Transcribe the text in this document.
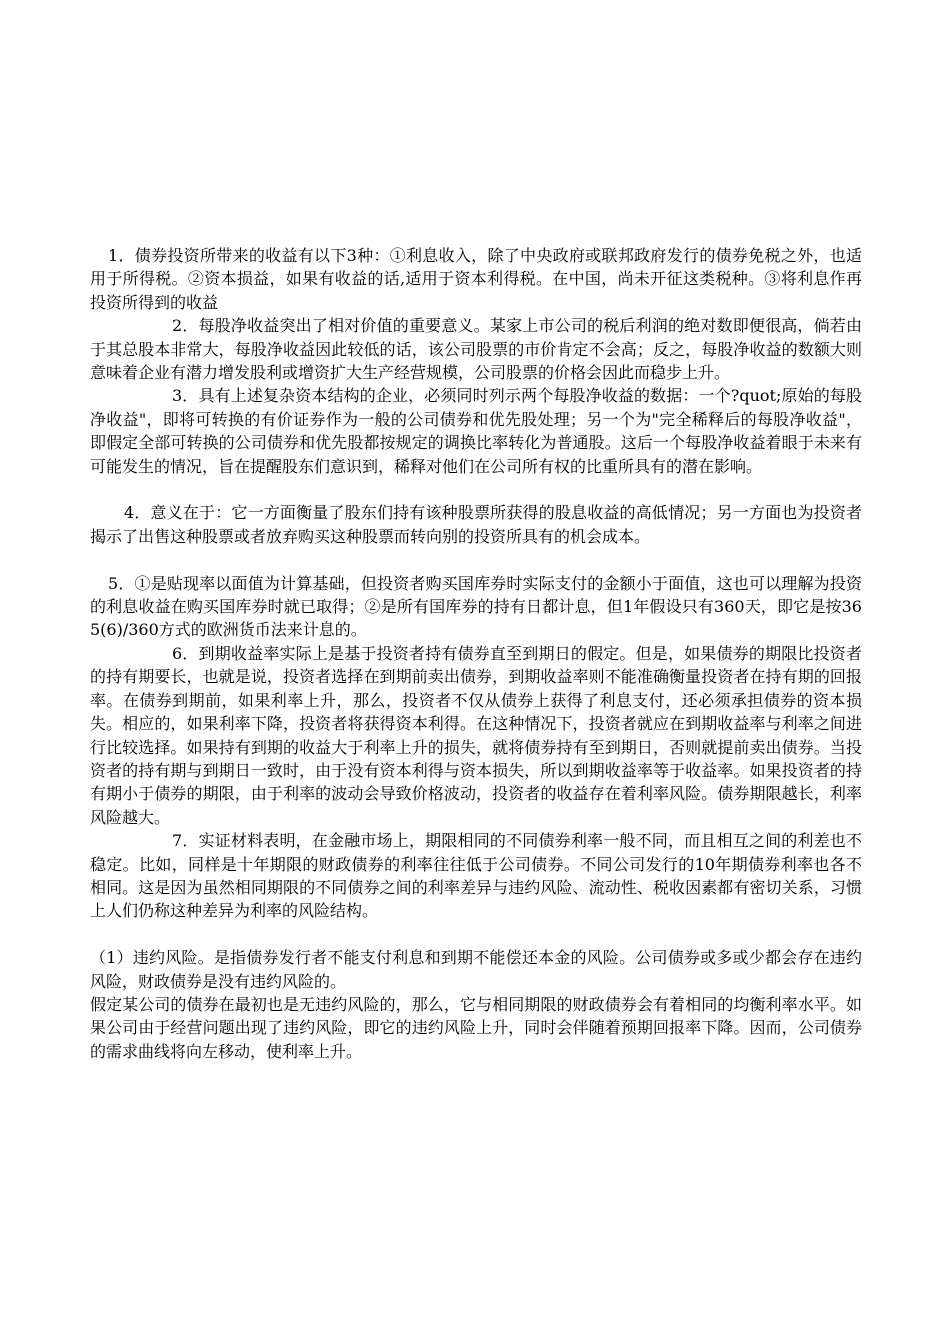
1．债券投资所带来的收益有以下3种：①利息收入，除了中央政府或联邦政府发行的债券免税之外，也适用于所得税。②资本损益，如果有收益的话,适用于资本利得税。在中国，尚未开征这类税种。③将利息作再投资所得到的收益

2．每股净收益突出了相对价值的重要意义。某家上市公司的税后利润的绝对数即便很高，倘若由于其总股本非常大，每股净收益因此较低的话，该公司股票的市价肯定不会高；反之，每股净收益的数额大则意味着企业有潜力增发股利或增资扩大生产经营规模，公司股票的价格会因此而稳步上升。

3．具有上述复杂资本结构的企业，必须同时列示两个每股净收益的数据：一个?quot;原始的每股净收益"，即将可转换的有价证券作为一般的公司债券和优先股处理；另一个为"完全稀释后的每股净收益"，即假定全部可转换的公司债券和优先股都按规定的调换比率转化为普通股。这后一个每股净收益着眼于未来有可能发生的情况，旨在提醒股东们意识到，稀释对他们在公司所有权的比重所具有的潜在影响。

4．意义在于：它一方面衡量了股东们持有该种股票所获得的股息收益的高低情况；另一方面也为投资者揭示了出售这种股票或者放弃购买这种股票而转向别的投资所具有的机会成本。

5．①是贴现率以面值为计算基础，但投资者购买国库券时实际支付的金额小于面值，这也可以理解为投资的利息收益在购买国库券时就已取得；②是所有国库券的持有日都计息，但1年假设只有360天，即它是按365(6)/360方式的欧洲货币法来计息的。

6．到期收益率实际上是基于投资者持有债券直至到期日的假定。但是，如果债券的期限比投资者的持有期要长，也就是说，投资者选择在到期前卖出债券，到期收益率则不能准确衡量投资者在持有期的回报率。在债券到期前，如果利率上升，那么，投资者不仅从债券上获得了利息支付，还必须承担债券的资本损失。相应的，如果利率下降，投资者将获得资本利得。在这种情况下，投资者就应在到期收益率与利率之间进行比较选择。如果持有到期的收益大于利率上升的损失，就将债券持有至到期日，否则就提前卖出债券。当投资者的持有期与到期日一致时，由于没有资本利得与资本损失，所以到期收益率等于收益率。如果投资者的持有期小于债券的期限，由于利率的波动会导致价格波动，投资者的收益存在着利率风险。债券期限越长，利率风险越大。

7．实证材料表明，在金融市场上，期限相同的不同债券利率一般不同，而且相互之间的利差也不稳定。比如，同样是十年期限的财政债券的利率往往低于公司债券。不同公司发行的10年期债券利率也各不相同。这是因为虽然相同期限的不同债券之间的利率差异与违约风险、流动性、税收因素都有密切关系，习惯上人们仍称这种差异为利率的风险结构。

（1）违约风险。是指债券发行者不能支付利息和到期不能偿还本金的风险。公司债券或多或少都会存在违约风险，财政债券是没有违约风险的。

假定某公司的债券在最初也是无违约风险的，那么，它与相同期限的财政债券会有着相同的均衡利率水平。如果公司由于经营问题出现了违约风险，即它的违约风险上升，同时会伴随着预期回报率下降。因而，公司债券的需求曲线将向左移动，使利率上升。
